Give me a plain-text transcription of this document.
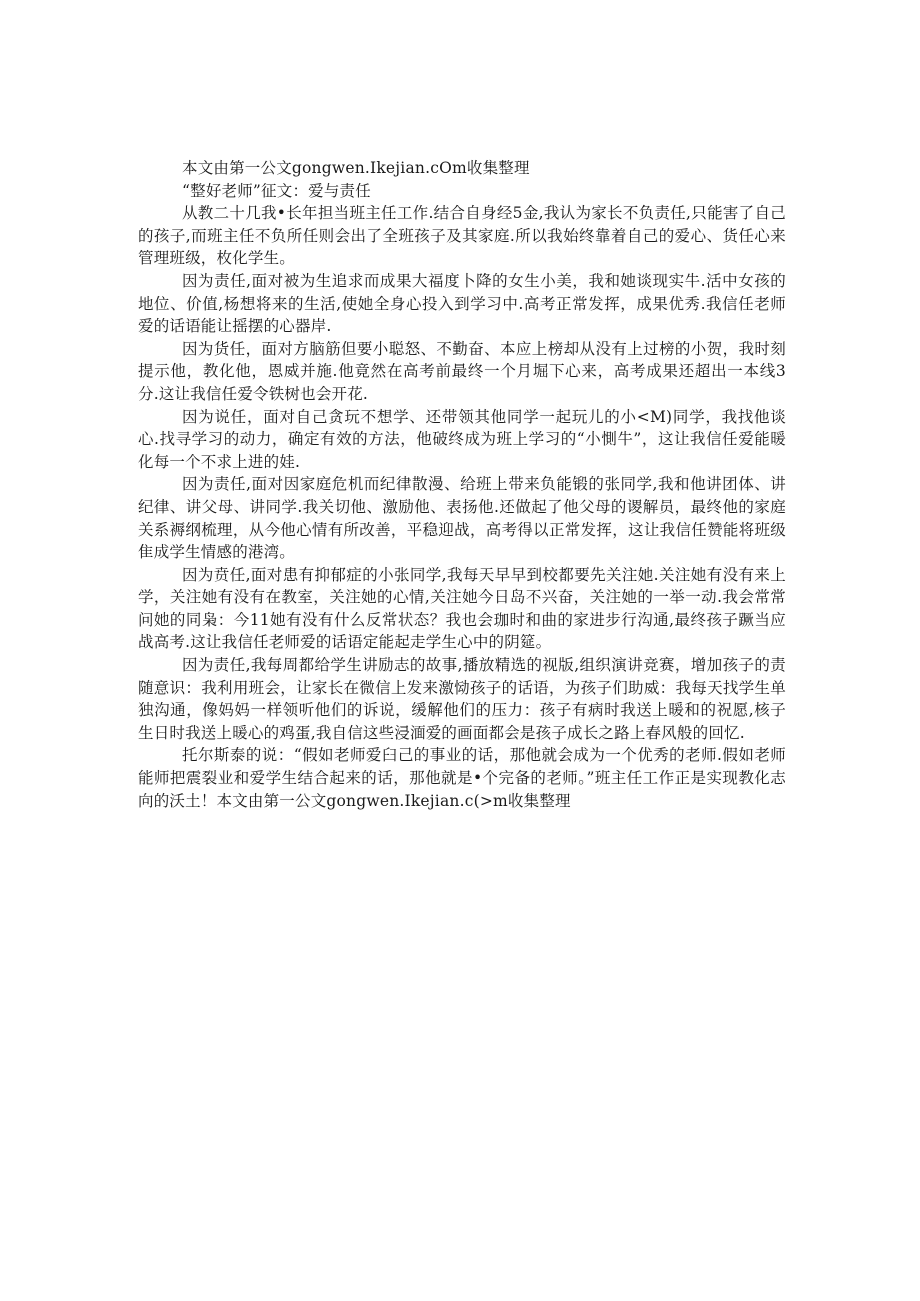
本文由第一公文gongwen.Ikejian.cOm收集整理

“整好老师”征文：爱与责任

从教二十几我•长年担当班主任工作.结合自身经5金,我认为家长不负责任,只能害了自己的孩子,而班主任不负所任则会出了全班孩子及其家庭.所以我始终靠着自己的爱心、货任心来管理班级，枚化学生。

因为责任,面对被为生追求而成果大福度卜降的女生小美，我和她谈现实牛.活中女孩的地位、价值,杨想将来的生活,使她全身心投入到学习中.高考正常发挥，成果优秀.我信任老师爱的话语能让摇摆的心器岸.

因为货任，面对方脑筋但要小聪怒、不勤奋、本应上榜却从没有上过榜的小贺，我时刻提示他，教化他，恩威并施.他竟然在高考前最终一个月堀下心来，高考成果还超出一本线3分.这让我信任爱令铁树也会开花.

因为说任，面对自己贪玩不想学、还带领其他同学一起玩儿的小<M)同学，我找他谈心.找寻学习的动力，确定有效的方法，他破终成为班上学习的“小惻牛”，这让我信任爱能暖化每一个不求上进的娃.

因为责任,面对因家庭危机而纪律散漫、给班上带来负能锻的张同学,我和他讲团体、讲纪律、讲父母、讲同学.我关切他、激励他、表扬他.还做起了他父母的谡解员，最终他的家庭关系褥纲梳理，从今他心情有所改善，平稳迎战，高考得以正常发挥，这让我信任赞能将班级隹成学生情感的港湾。

因为贲任,面对患有抑郁症的小张同学,我每天早早到校都要先关注她.关注她有没有来上学，关注她有没有在教室，关注她的心情,关注她今日岛不兴奋，关注她的一举一动.我会常常问她的同枭：今11她有没有什么反常状态？我也会珈时和曲的家进步行沟通,最终孩子蹶当应战高考.这让我信任老师爱的话语定能起走学生心中的阴筵。

因为责任,我每周都给学生讲励志的故事,播放精选的视版,组织演讲竞赛，增加孩子的责随意识：我利用班会，让家长在微信上发来激恸孩子的话语，为孩子们助威：我每天找学生单独沟通，像妈妈一样领听他们的诉说，缓解他们的压力：孩子有病时我送上暖和的祝愿,核子生日时我送上暖心的鸡蛋,我自信这些浸湎爱的画面都会是孩子成长之路上春风般的回忆.

托尔斯泰的说：“假如老师爱臼己的事业的话，那他就会成为一个优秀的老师.假如老师能师把震裂业和爱学生结合起来的话，那他就是•个完备的老师。”班主任工作正是实现教化志向的沃土！本文由第一公文gongwen.Ikejian.c(>m收集整理
